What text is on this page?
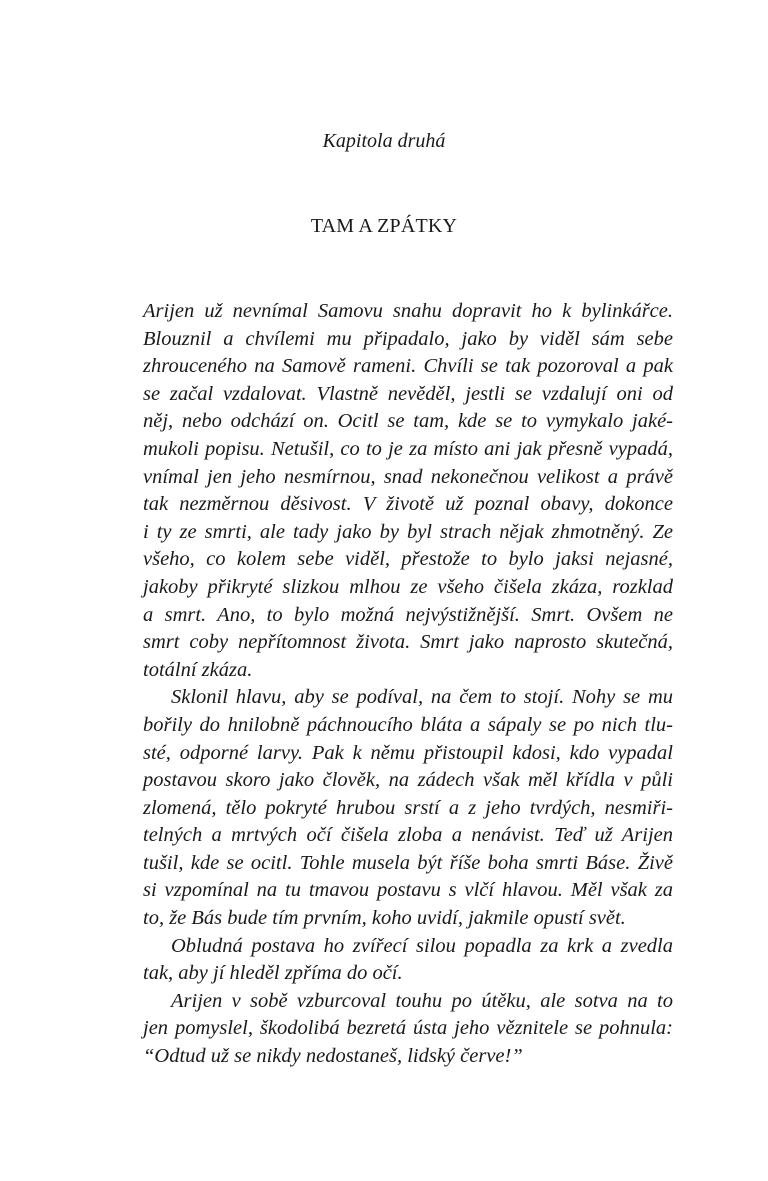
Kapitola druhá
TAM A ZPÁTKY
Arijen už nevnímal Samovu snahu dopravit ho k bylinkářce.
Blouznil a chvílemi mu připadalo, jako by viděl sám sebe
zhrouceného na Samově rameni. Chvíli se tak pozoroval a pak
se začal vzdalovat. Vlastně nevěděl, jestli se vzdalují oni od
něj, nebo odchází on. Ocitl se tam, kde se to vymykalo jaké-
mukoli popisu. Netušil, co to je za místo ani jak přesně vypadá,
vnímal jen jeho nesmírnou, snad nekonečnou velikost a právě
tak nezměrnou děsivost. V životě už poznal obavy, dokonce
i ty ze smrti, ale tady jako by byl strach nějak zhmotněný. Ze
všeho, co kolem sebe viděl, přestože to bylo jaksi nejasné,
jakoby přikryté slizkou mlhou ze všeho čišela zkáza, rozklad
a smrt. Ano, to bylo možná nejvýstižnější. Smrt. Ovšem ne
smrt coby nepřítomnost života. Smrt jako naprosto skutečná,
totální zkáza.
Sklonil hlavu, aby se podíval, na čem to stojí. Nohy se mu
bořily do hnilobně páchnoucího bláta a sápaly se po nich tlu-
sté, odporné larvy. Pak k němu přistoupil kdosi, kdo vypadal
postavou skoro jako člověk, na zádech však měl křídla v půli
zlomená, tělo pokryté hrubou srstí a z jeho tvrdých, nesmiři-
telných a mrtvých očí čišela zloba a nenávist. Teď už Arijen
tušil, kde se ocitl. Tohle musela být říše boha smrti Báse. Živě
si vzpomínal na tu tmavou postavu s vlčí hlavou. Měl však za
to, že Bás bude tím prvním, koho uvidí, jakmile opustí svět.
Obludná postava ho zvířecí silou popadla za krk a zvedla
tak, aby jí hleděl zpříma do očí.
Arijen v sobě vzburcoval touhu po útěku, ale sotva na to
jen pomyslel, škodolibá bezretá ústa jeho věznitele se pohnula:
“Odtud už se nikdy nedostaneš, lidský červe!”
